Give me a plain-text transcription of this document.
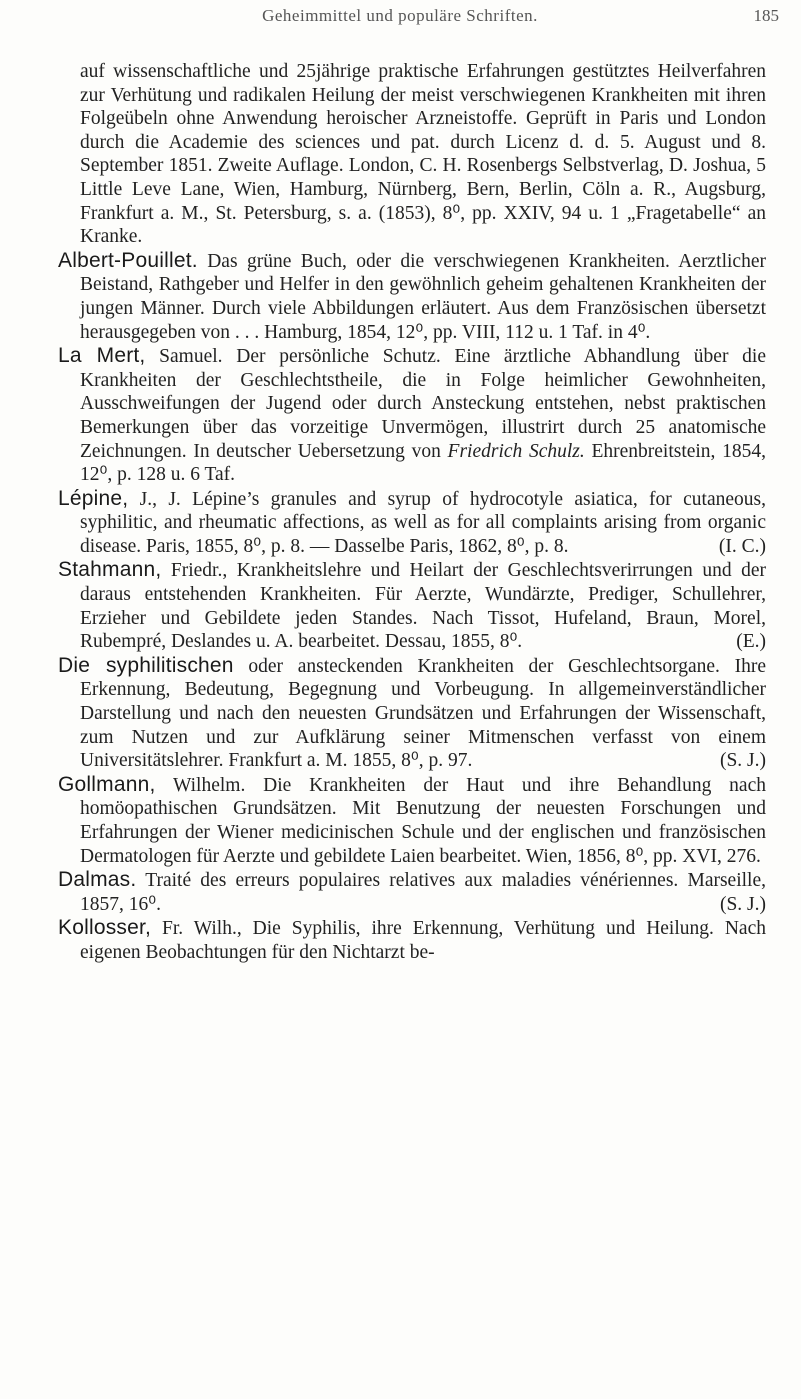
Geheimmittel und populäre Schriften.	185

auf wissenschaftliche und 25jährige praktische Erfahrungen gestütztes Heilverfahren zur Verhütung und radikalen Heilung der meist verschwiegenen Krankheiten mit ihren Folgeübeln ohne Anwendung heroischer Arzneistoffe. Geprüft in Paris und London durch die Academie des sciences und pat. durch Licenz d. d. 5. August und 8. September 1851. Zweite Auflage. London, C. H. Rosenbergs Selbstverlag, D. Joshua, 5 Little Leve Lane, Wien, Hamburg, Nürnberg, Bern, Berlin, Cöln a. R., Augsburg, Frankfurt a. M., St. Petersburg, s. a. (1853), 8⁰, pp. XXIV, 94 u. 1 „Fragetabelle“ an Kranke.

Albert-Pouillet. Das grüne Buch, oder die verschwiegenen Krankheiten. Aerztlicher Beistand, Rathgeber und Helfer in den gewöhnlich geheim gehaltenen Krankheiten der jungen Männer. Durch viele Abbildungen erläutert. Aus dem Französischen übersetzt herausgegeben von . . . Hamburg, 1854, 12⁰, pp. VIII, 112 u. 1 Taf. in 4⁰.

La Mert, Samuel. Der persönliche Schutz. Eine ärztliche Abhandlung über die Krankheiten der Geschlechtstheile, die in Folge heimlicher Gewohnheiten, Ausschweifungen der Jugend oder durch Ansteckung entstehen, nebst praktischen Bemerkungen über das vorzeitige Unvermögen, illustrirt durch 25 anatomische Zeichnungen. In deutscher Uebersetzung von Friedrich Schulz. Ehrenbreitstein, 1854, 12⁰, p. 128 u. 6 Taf.

Lépine, J., J. Lépine’s granules and syrup of hydrocotyle asiatica, for cutaneous, syphilitic, and rheumatic affections, as well as for all complaints arising from organic disease. Paris, 1855, 8⁰, p. 8. — Dasselbe Paris, 1862, 8⁰, p. 8.	(I. C.)

Stahmann, Friedr., Krankheitslehre und Heilart der Geschlechtsverirrungen und der daraus entstehenden Krankheiten. Für Aerzte, Wundärzte, Prediger, Schullehrer, Erzieher und Gebildete jeden Standes. Nach Tissot, Hufeland, Braun, Morel, Rubempré, Deslandes u. A. bearbeitet. Dessau, 1855, 8⁰.	(E.)

Die syphilitischen oder ansteckenden Krankheiten der Geschlechtsorgane. Ihre Erkennung, Bedeutung, Begegnung und Vorbeugung. In allgemeinverständlicher Darstellung und nach den neuesten Grundsätzen und Erfahrungen der Wissenschaft, zum Nutzen und zur Aufklärung seiner Mitmenschen verfasst von einem Universitätslehrer. Frankfurt a. M. 1855, 8⁰, p. 97.	(S. J.)

Gollmann, Wilhelm. Die Krankheiten der Haut und ihre Behandlung nach homöopathischen Grundsätzen. Mit Benutzung der neuesten Forschungen und Erfahrungen der Wiener medicinischen Schule und der englischen und französischen Dermatologen für Aerzte und gebildete Laien bearbeitet. Wien, 1856, 8⁰, pp. XVI, 276.

Dalmas. Traité des erreurs populaires relatives aux maladies vénériennes. Marseille, 1857, 16⁰.	(S. J.)

Kollosser, Fr. Wilh., Die Syphilis, ihre Erkennung, Verhütung und Heilung. Nach eigenen Beobachtungen für den Nichtarzt be-
